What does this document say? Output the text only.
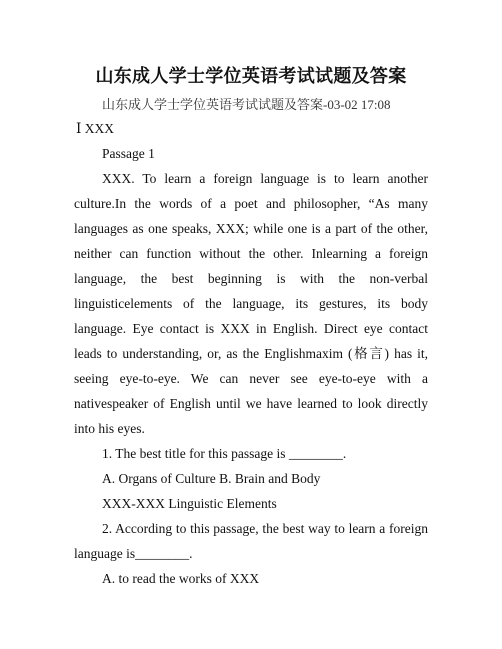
山东成人学士学位英语考试试题及答案
山东成人学士学位英语考试试题及答案-03-02 17:08

Ⅰ XXX

Passage 1

XXX. To learn a foreign language is to learn another culture.In the words of a poet and philosopher, “As many languages as one speaks, XXX; while one is a part of the other, neither can function without the other. Inlearning a foreign language, the best beginning is with the non-verbal linguisticelements of the language, its gestures, its body language. Eye contact is XXX in English. Direct eye contact leads to understanding, or, as the Englishmaxim (格言) has it, seeing eye-to-eye. We can never see eye-to-eye with a nativespeaker of English until we have learned to look directly into his eyes.

1. The best title for this passage is ________.

A. Organs of Culture B. Brain and Body

XXX-XXX Linguistic Elements

2. According to this passage, the best way to learn a foreign language is________.

A. to read the works of XXX
